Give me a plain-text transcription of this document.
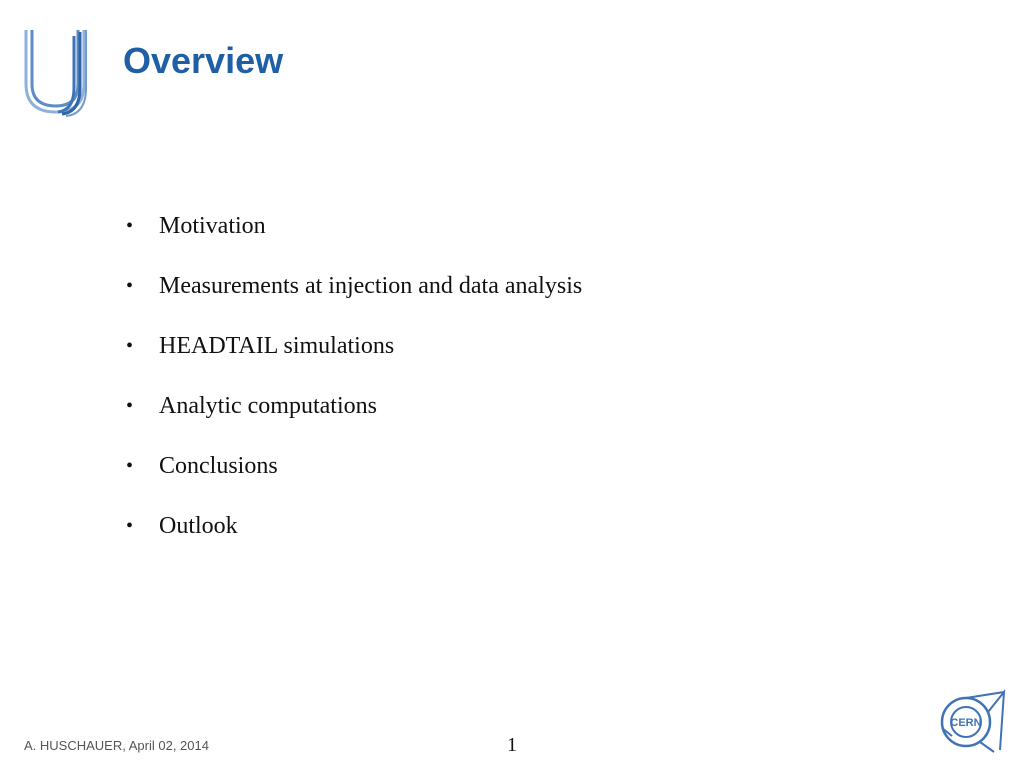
Overview
•	Motivation
•	Measurements at injection and data analysis
•	HEADTAIL simulations
•	Analytic computations
•	Conclusions
•	Outlook
A. HUSCHAUER, April 02, 2014	1
CERN
